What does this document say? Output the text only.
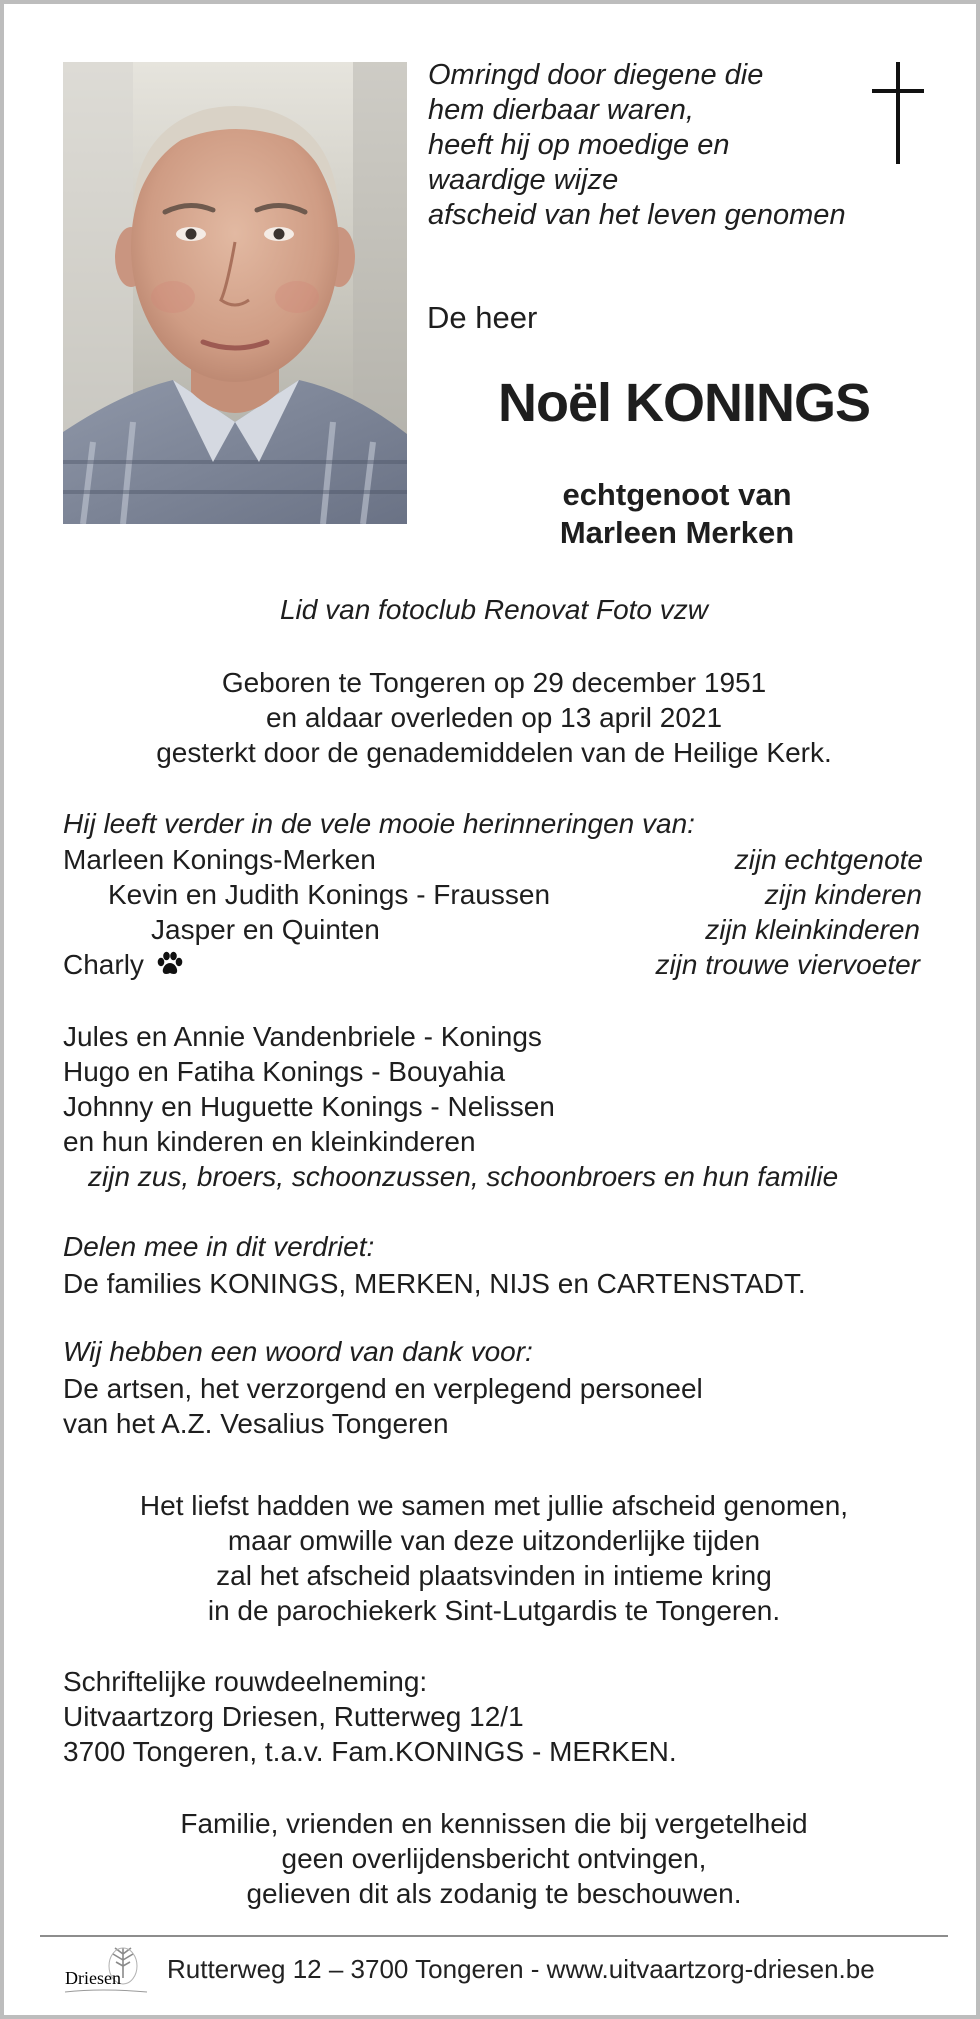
Omringd door diegene die
hem dierbaar waren,
heeft hij op moedige en
waardige wijze
afscheid van het leven genomen
De heer
Noël KONINGS
echtgenoot van
Marleen Merken
Lid van fotoclub Renovat Foto vzw
Geboren te Tongeren op 29 december 1951
en aldaar overleden op 13 april 2021
gesterkt door de genademiddelen van de Heilige Kerk.
Hij leeft verder in de vele mooie herinneringen van:
Marleen Konings-Merken	zijn echtgenote
Kevin en Judith Konings - Fraussen	zijn kinderen
Jasper en Quinten	zijn kleinkinderen
Charly	zijn trouwe viervoeter
Jules en Annie Vandenbriele - Konings
Hugo en Fatiha Konings - Bouyahia
Johnny en Huguette Konings - Nelissen
en hun kinderen en kleinkinderen
zijn zus, broers, schoonzussen, schoonbroers en hun familie
Delen mee in dit verdriet:
De families KONINGS, MERKEN, NIJS en CARTENSTADT.
Wij hebben een woord van dank voor:
De artsen, het verzorgend en verplegend personeel
van het A.Z. Vesalius Tongeren
Het liefst hadden we samen met jullie afscheid genomen,
maar omwille van deze uitzonderlijke tijden
zal het afscheid plaatsvinden in intieme kring
in de parochiekerk Sint-Lutgardis te Tongeren.
Schriftelijke rouwdeelneming:
Uitvaartzorg Driesen, Rutterweg 12/1
3700 Tongeren, t.a.v. Fam.KONINGS - MERKEN.
Familie, vrienden en kennissen die bij vergetelheid
geen overlijdensbericht ontvingen,
gelieven dit als zodanig te beschouwen.
Driesen Rutterweg 12 – 3700 Tongeren - www.uitvaartzorg-driesen.be
